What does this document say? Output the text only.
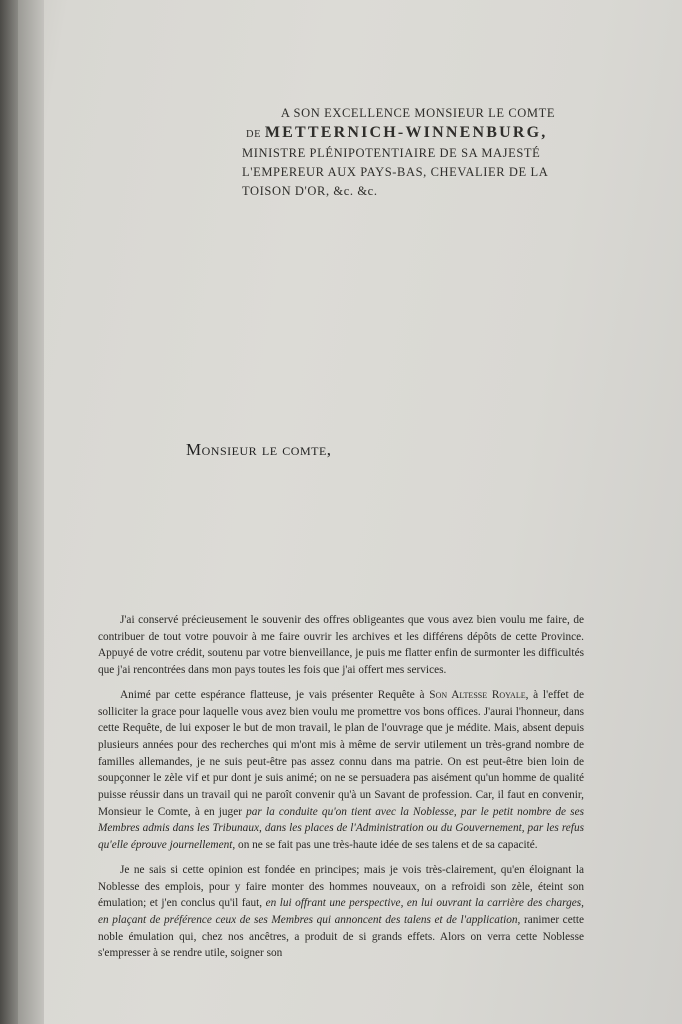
A SON EXCELLENCE MONSIEUR LE COMTE
DE METTERNICH-WINNENBURG,
MINISTRE PLÉNIPOTENTIAIRE DE SA MAJESTÉ
L'EMPEREUR AUX PAYS-BAS, CHEVALIER DE LA
TOISON D'OR, &c. &c.
Monsieur le comte,

J'ai conservé précieusement le souvenir des offres obligeantes que vous avez bien voulu me faire, de contribuer de tout votre pouvoir à me faire ouvrir les archives et les différens dépôts de cette Province. Appuyé de votre crédit, soutenu par votre bienveillance, je puis me flatter enfin de surmonter les difficultés que j'ai rencontrées dans mon pays toutes les fois que j'ai offert mes services.

Animé par cette espérance flatteuse, je vais présenter Requête à Son Altesse Royale, à l'effet de solliciter la grace pour laquelle vous avez bien voulu me promettre vos bons offices. J'aurai l'honneur, dans cette Requête, de lui exposer le but de mon travail, le plan de l'ouvrage que je médite. Mais, absent depuis plusieurs années pour des recherches qui m'ont mis à même de servir utilement un très-grand nombre de familles allemandes, je ne suis peut-être pas assez connu dans ma patrie. On est peut-être bien loin de soupçonner le zèle vif et pur dont je suis animé; on ne se persuadera pas aisément qu'un homme de qualité puisse réussir dans un travail qui ne paroît convenir qu'à un Savant de profession. Car, il faut en convenir, Monsieur le Comte, à en juger par la conduite qu'on tient avec la Noblesse, par le petit nombre de ses Membres admis dans les Tribunaux, dans les places de l'Administration ou du Gouvernement, par les refus qu'elle éprouve journellement, on ne se fait pas une très-haute idée de ses talens et de sa capacité.

Je ne sais si cette opinion est fondée en principes; mais je vois très-clairement, qu'en éloignant la Noblesse des emplois, pour y faire monter des hommes nouveaux, on a refroidi son zèle, éteint son émulation; et j'en conclus qu'il faut, en lui offrant une perspective, en lui ouvrant la carrière des charges, en plaçant de préférence ceux de ses Membres qui annoncent des talens et de l'application, ranimer cette noble émulation qui, chez nos ancêtres, a produit de si grands effets. Alors on verra cette Noblesse s'empresser à se rendre utile, soigner son
